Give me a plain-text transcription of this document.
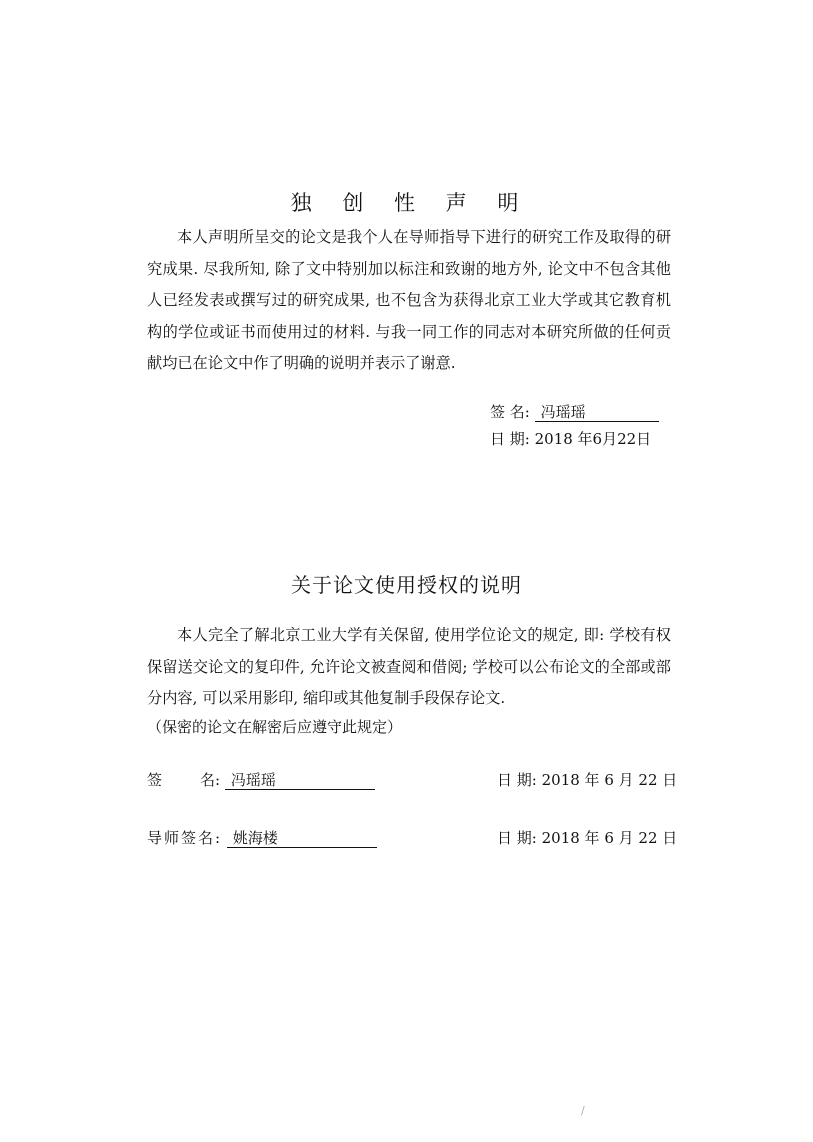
独 创 性 声 明

本人声明所呈交的论文是我个人在导师指导下进行的研究工作及取得的研究成果. 尽我所知, 除了文中特别加以标注和致谢的地方外, 论文中不包含其他人已经发表或撰写过的研究成果, 也不包含为获得北京工业大学或其它教育机构的学位或证书而使用过的材料. 与我一同工作的同志对本研究所做的任何贡献均已在论文中作了明确的说明并表示了谢意.

签 名: 冯瑶瑶
日 期: 2018 年6月22日
关于论文使用授权的说明

本人完全了解北京工业大学有关保留, 使用学位论文的规定, 即: 学校有权保留送交论文的复印件, 允许论文被查阅和借阅; 学校可以公布论文的全部或部分内容, 可以采用影印, 缩印或其他复制手段保存论文.

（保密的论文在解密后应遵守此规定）
签	名: 冯瑶瑶	日 期: 2018 年 6 月 22 日
导师签名: 姚海楼	日 期: 2018 年 6 月 22 日
/
